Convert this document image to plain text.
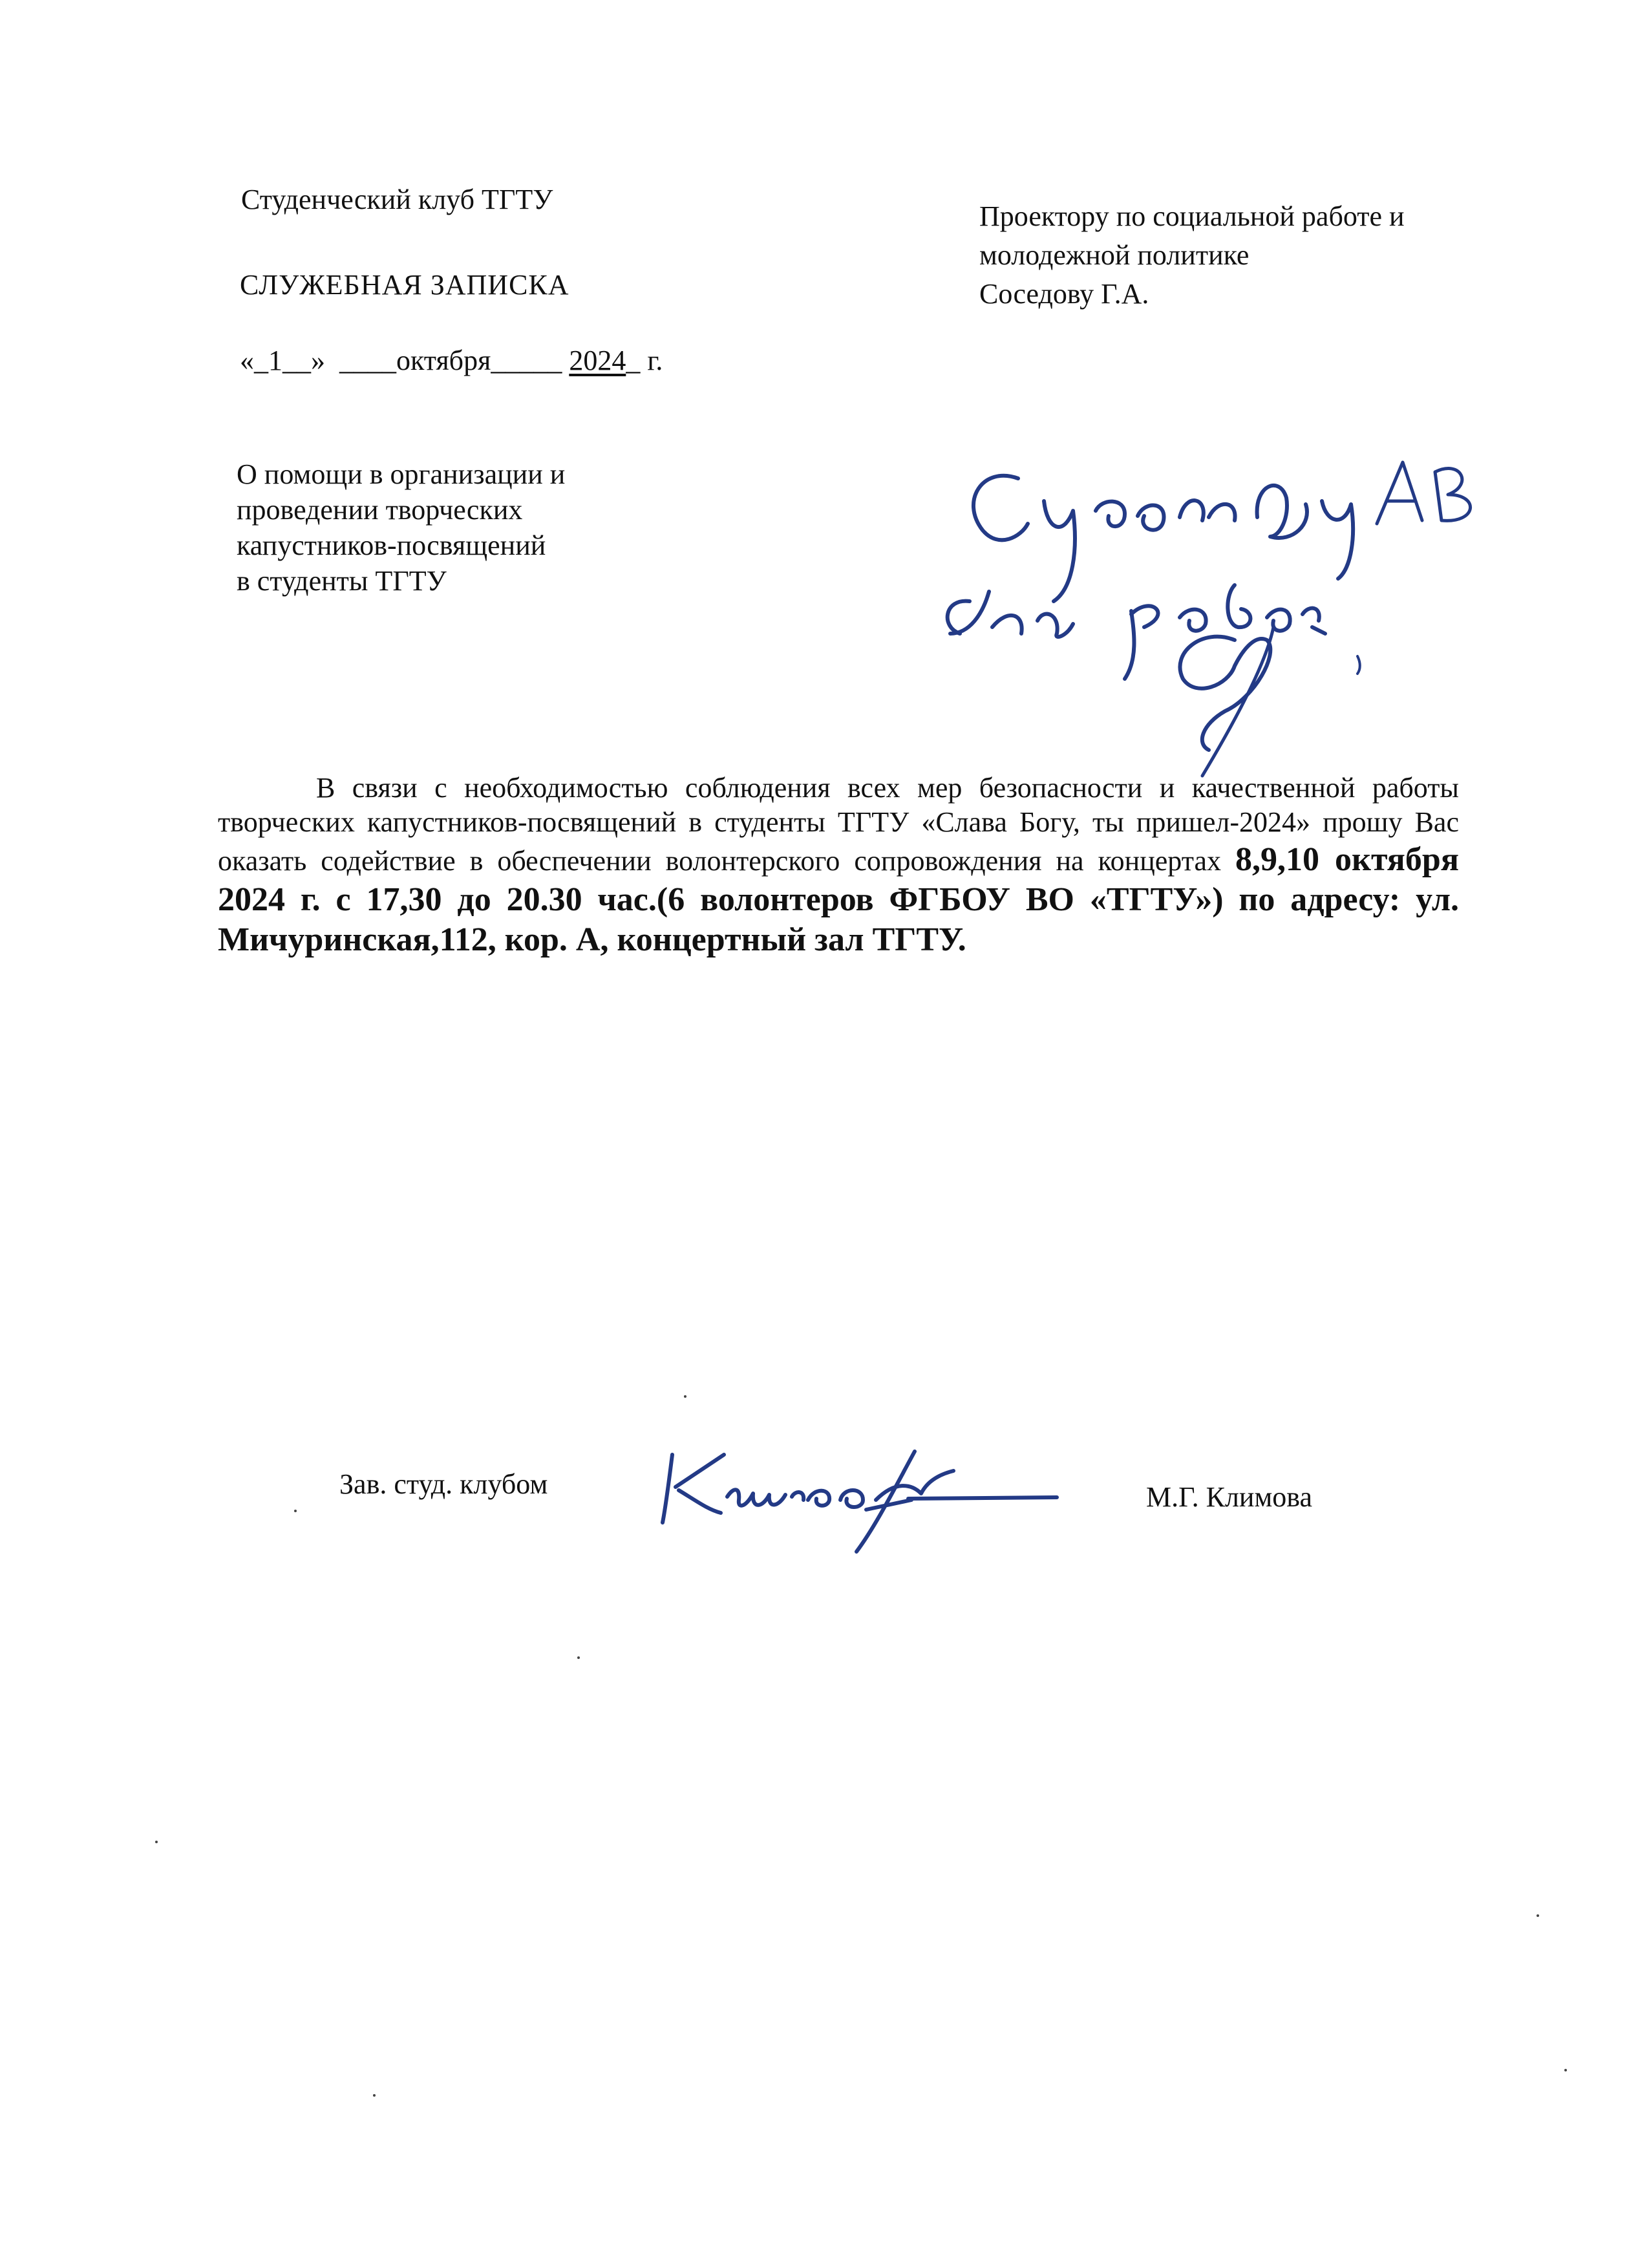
Студенческий клуб ТГТУ
СЛУЖЕБНАЯ ЗАПИСКА
«_1__» ____октября_____ 2024_ г.
Проектору по социальной работе и
молодежной политике
Соседову Г.А.
О помощи в организации и
проведении творческих
капустников-посвящений
в студенты ТГТУ
В связи с необходимостью соблюдения всех мер безопасности и качественной работы творческих капустников-посвящений в студенты ТГТУ «Слава Богу, ты пришел-2024» прошу Вас оказать содействие в обеспечении волонтерского сопровождения на концертах 8,9,10 октября 2024 г. с 17,30 до 20.30 час.(6 волонтеров ФГБОУ ВО «ТГТУ») по адресу: ул. Мичуринская,112, кор. А, концертный зал ТГТУ.
Зав. студ. клубом	М.Г. Климова
